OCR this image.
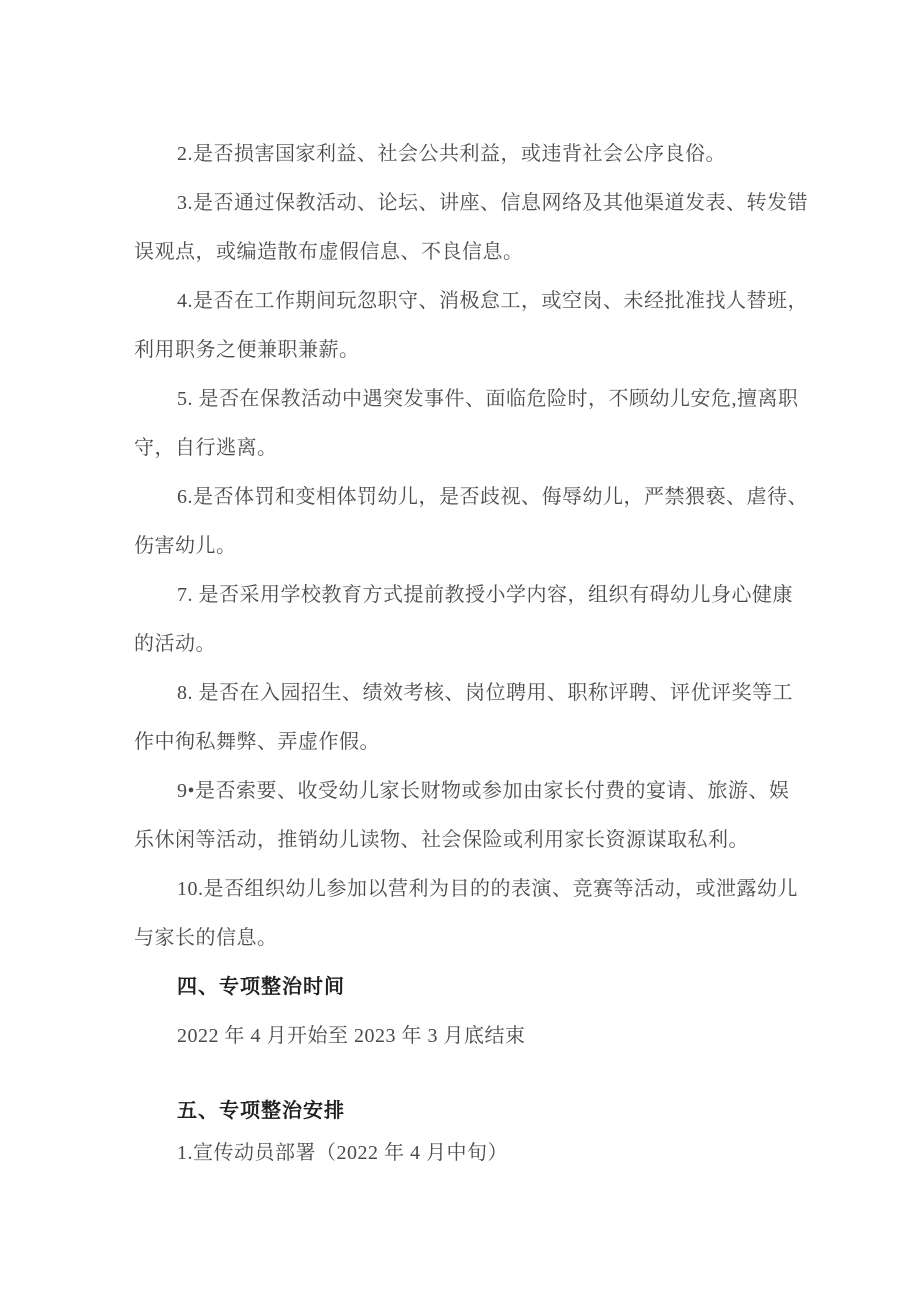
2.是否损害国家利益、社会公共利益，或违背社会公序良俗。
3.是否通过保教活动、论坛、讲座、信息网络及其他渠道发表、转发错
误观点，或编造散布虚假信息、不良信息。
4.是否在工作期间玩忽职守、消极怠工，或空岗、未经批准找人替班，
利用职务之便兼职兼薪。
5. 是否在保教活动中遇突发事件、面临危险时，不顾幼儿安危,擅离职
守，自行逃离。
6.是否体罚和变相体罚幼儿，是否歧视、侮辱幼儿，严禁猥亵、虐待、
伤害幼儿。
7. 是否采用学校教育方式提前教授小学内容，组织有碍幼儿身心健康
的活动。
8. 是否在入园招生、绩效考核、岗位聘用、职称评聘、评优评奖等工
作中徇私舞弊、弄虚作假。
9•是否索要、收受幼儿家长财物或参加由家长付费的宴请、旅游、娱
乐休闲等活动，推销幼儿读物、社会保险或利用家长资源谋取私利。
10.是否组织幼儿参加以营利为目的的表演、竞赛等活动，或泄露幼儿
与家长的信息。
四、专项整治时间
2022 年 4 月开始至 2023 年 3 月底结束
五、专项整治安排
1.宣传动员部署（2022 年 4 月中旬）
